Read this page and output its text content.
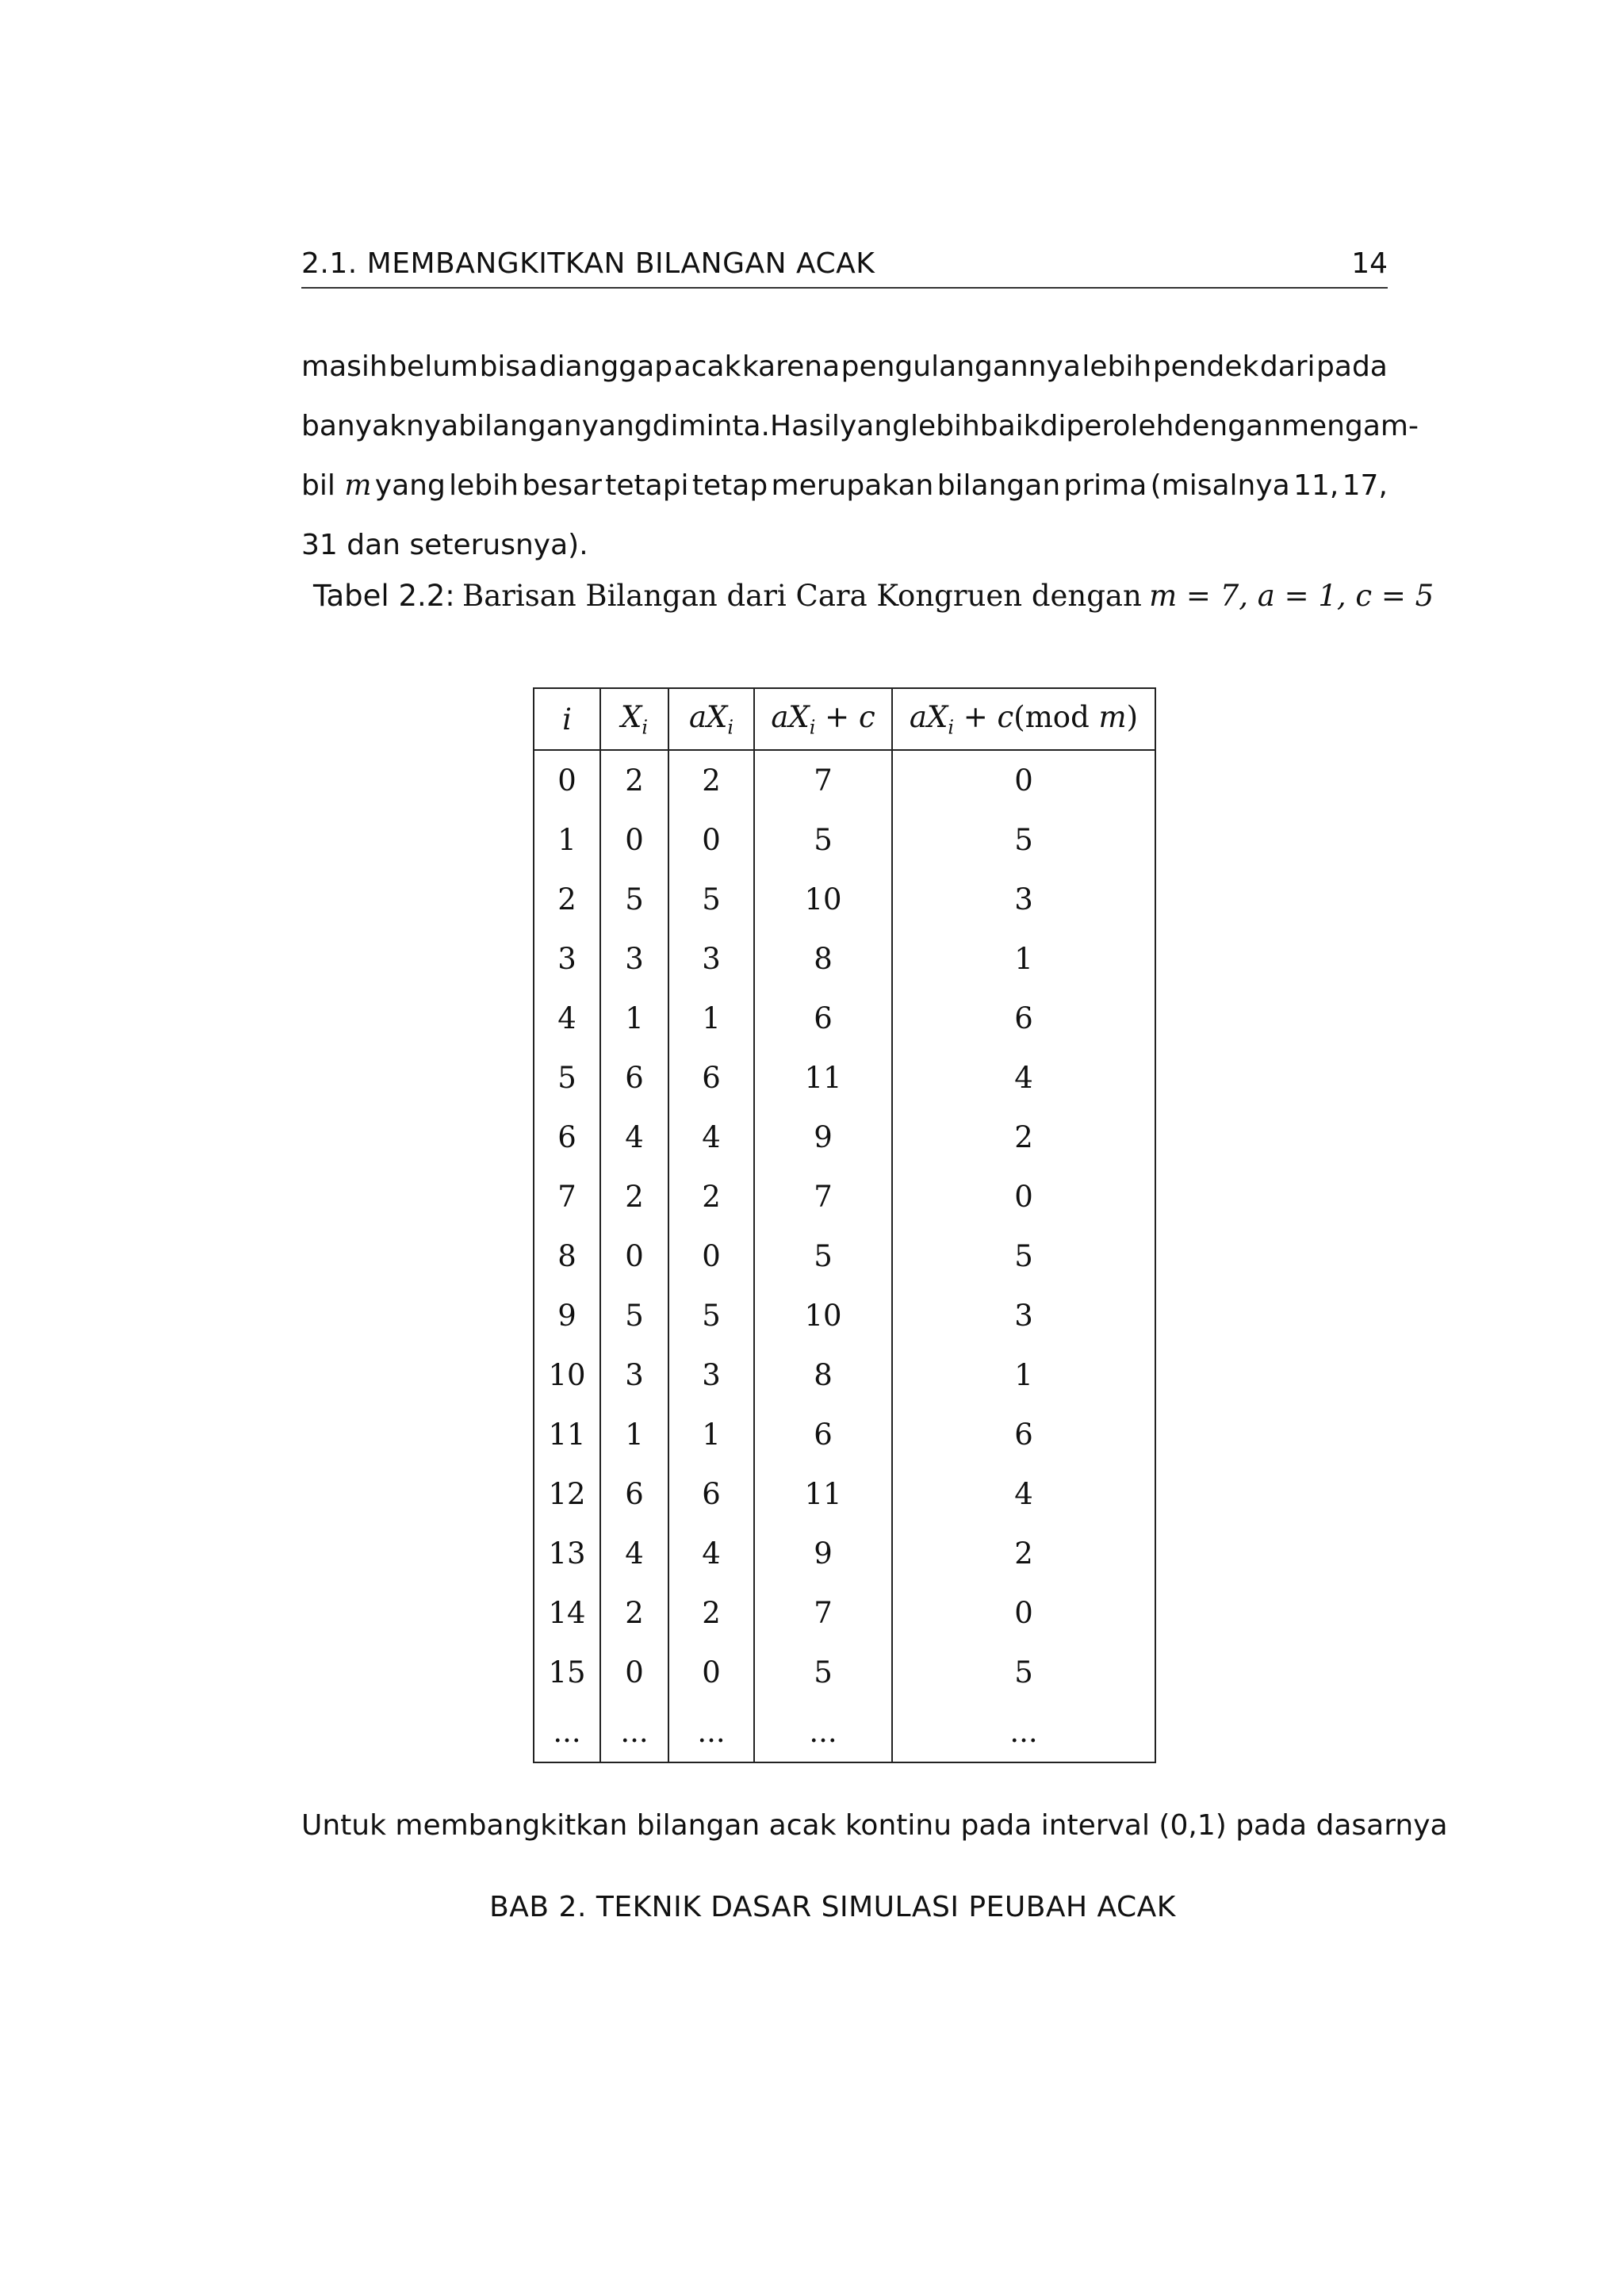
2.1. MEMBANGKITKAN BILANGAN ACAK	14
masih belum bisa dianggap acak karena pengulangannya lebih pendek dari pada
banyaknya bilangan yang diminta. Hasil yang lebih baik diperoleh dengan mengam-
bil m yang lebih besar tetapi tetap merupakan bilangan prima (misalnya 11, 17,
31 dan seterusnya).
Tabel 2.2: Barisan Bilangan dari Cara Kongruen dengan m = 7, a = 1, c = 5
i	$X_i$	$aX_i$	$aX_i + c$	$aX_i + c(mod$ m)
0	2	2	7	0
1	0	0	5	5
2	5	5	10	3
3	3	3	8	1
4	1	1	6	6
5	6	6	11	4
6	4	4	9	2
7	2	2	7	0
8	0	0	5	5
9	5	5	10	3
10	3	3	8	1
11	1	1	6	6
12	6	6	11	4
13	4	4	9	2
14	2	2	7	0
15	0	0	5	5
...	...	...	...	...
Untuk membangkitkan bilangan acak kontinu pada interval (0,1) pada dasarnya
BAB 2. TEKNIK DASAR SIMULASI PEUBAH ACAK
